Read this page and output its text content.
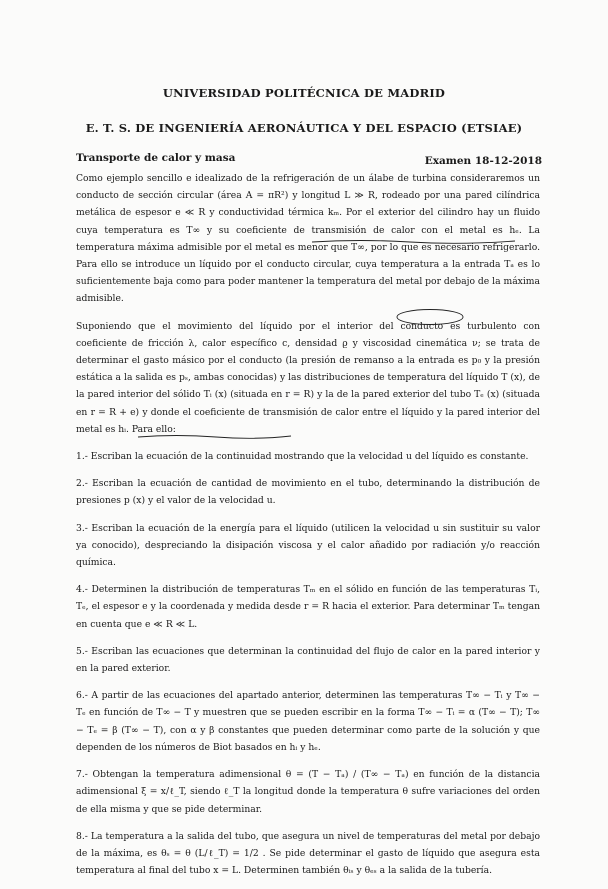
UNIVERSIDAD POLITÉCNICA DE MADRID
E. T. S. DE INGENIERÍA AERONÁUTICA Y DEL ESPACIO (ETSIAE)
Transporte de calor y masa	Examen 18-12-2018

Como ejemplo sencillo e idealizado de la refrigeración de un álabe de turbina consideraremos un conducto de sección circular (área A = πR²) y longitud L ≫ R, rodeado por una pared cilíndrica metálica de espesor e ≪ R y conductividad térmica kₘ. Por el exterior del cilindro hay un fluido cuya temperatura es T∞ y su coeficiente de transmisión de calor con el metal es hₑ. La temperatura máxima admisible por el metal es menor que T∞, por lo que es necesario refrigerarlo. Para ello se introduce un líquido por el conducto circular, cuya temperatura a la entrada Tₐ es lo suficientemente baja como para poder mantener la temperatura del metal por debajo de la máxima admisible.

Suponiendo que el movimiento del líquido por el interior del conducto es turbulento con coeficiente de fricción λ, calor específico c, densidad ϱ y viscosidad cinemática ν; se trata de determinar el gasto másico por el conducto (la presión de remanso a la entrada es p₀ y la presión estática a la salida es pₛ, ambas conocidas) y las distribuciones de temperatura del líquido T (x), de la pared interior del sólido Tᵢ (x) (situada en r = R) y la de la pared exterior del tubo Tₑ (x) (situada en r = R + e) y donde el coeficiente de transmisión de calor entre el líquido y la pared interior del metal es hᵢ. Para ello:

1.- Escriban la ecuación de la continuidad mostrando que la velocidad u del líquido es constante.

2.- Escriban la ecuación de cantidad de movimiento en el tubo, determinando la distribución de presiones p (x) y el valor de la velocidad u.

3.- Escriban la ecuación de la energía para el líquido (utilicen la velocidad u sin sustituir su valor ya conocido), despreciando la disipación viscosa y el calor añadido por radiación y/o reacción química.

4.- Determinen la distribución de temperaturas Tₘ en el sólido en función de las temperaturas Tᵢ, Tₑ, el espesor e y la coordenada y medida desde r = R hacia el exterior. Para determinar Tₘ tengan en cuenta que e ≪ R ≪ L.

5.- Escriban las ecuaciones que determinan la continuidad del flujo de calor en la pared interior y en la pared exterior.

6.- A partir de las ecuaciones del apartado anterior, determinen las temperaturas T∞ − Tᵢ y T∞ − Tₑ en función de T∞ − T y muestren que se pueden escribir en la forma T∞ − Tᵢ = α (T∞ − T); T∞ − Tₑ = β (T∞ − T), con α y β constantes que pueden determinar como parte de la solución y que dependen de los números de Biot basados en hᵢ y hₑ.

7.- Obtengan la temperatura adimensional θ = (T − Tₐ) / (T∞ − Tₐ) en función de la distancia adimensional ξ = x/ℓ_T, siendo ℓ_T la longitud donde la temperatura θ sufre variaciones del orden de ella misma y que se pide determinar.

8.- La temperatura a la salida del tubo, que asegura un nivel de temperaturas del metal por debajo de la máxima, es θₛ = θ (L/ℓ_T) = 1/2 . Se pide determinar el gasto de líquido que asegura esta temperatura al final del tubo x = L. Determinen también θᵢₛ y θₑₛ a la salida de la tubería.
